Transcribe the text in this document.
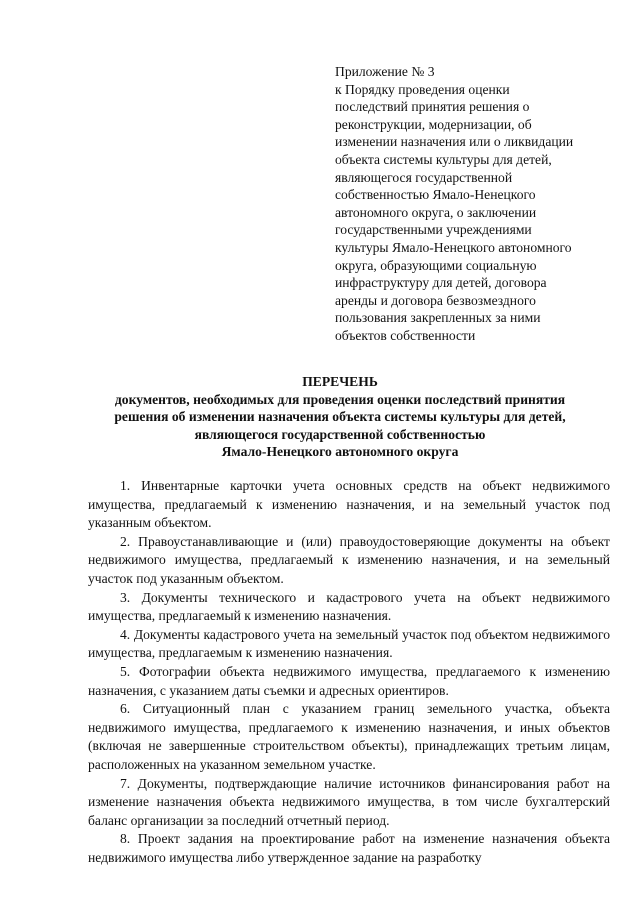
Приложение № 3
к Порядку проведения оценки
последствий принятия решения о
реконструкции, модернизации, об
изменении назначения или о ликвидации
объекта системы культуры для детей,
являющегося государственной
собственностью Ямало-Ненецкого
автономного округа, о заключении
государственными учреждениями
культуры Ямало-Ненецкого автономного
округа, образующими социальную
инфраструктуру для детей, договора
аренды и договора безвозмездного
пользования закрепленных за ними
объектов собственности
ПЕРЕЧЕНЬ
документов, необходимых для проведения оценки последствий принятия
решения об изменении назначения объекта системы культуры для детей,
являющегося государственной собственностью
Ямало-Ненецкого автономного округа

1. Инвентарные карточки учета основных средств на объект недвижимого имущества, предлагаемый к изменению назначения, и на земельный участок под указанным объектом.

2. Правоустанавливающие и (или) правоудостоверяющие документы на объект недвижимого имущества, предлагаемый к изменению назначения, и на земельный участок под указанным объектом.

3. Документы технического и кадастрового учета на объект недвижимого имущества, предлагаемый к изменению назначения.

4. Документы кадастрового учета на земельный участок под объектом недвижимого имущества, предлагаемым к изменению назначения.

5. Фотографии объекта недвижимого имущества, предлагаемого к изменению назначения, с указанием даты съемки и адресных ориентиров.

6. Ситуационный план с указанием границ земельного участка, объекта недвижимого имущества, предлагаемого к изменению назначения, и иных объектов (включая не завершенные строительством объекты), принадлежащих третьим лицам, расположенных на указанном земельном участке.

7. Документы, подтверждающие наличие источников финансирования работ на изменение назначения объекта недвижимого имущества, в том числе бухгалтерский баланс организации за последний отчетный период.

8. Проект задания на проектирование работ на изменение назначения объекта недвижимого имущества либо утвержденное задание на разработку
